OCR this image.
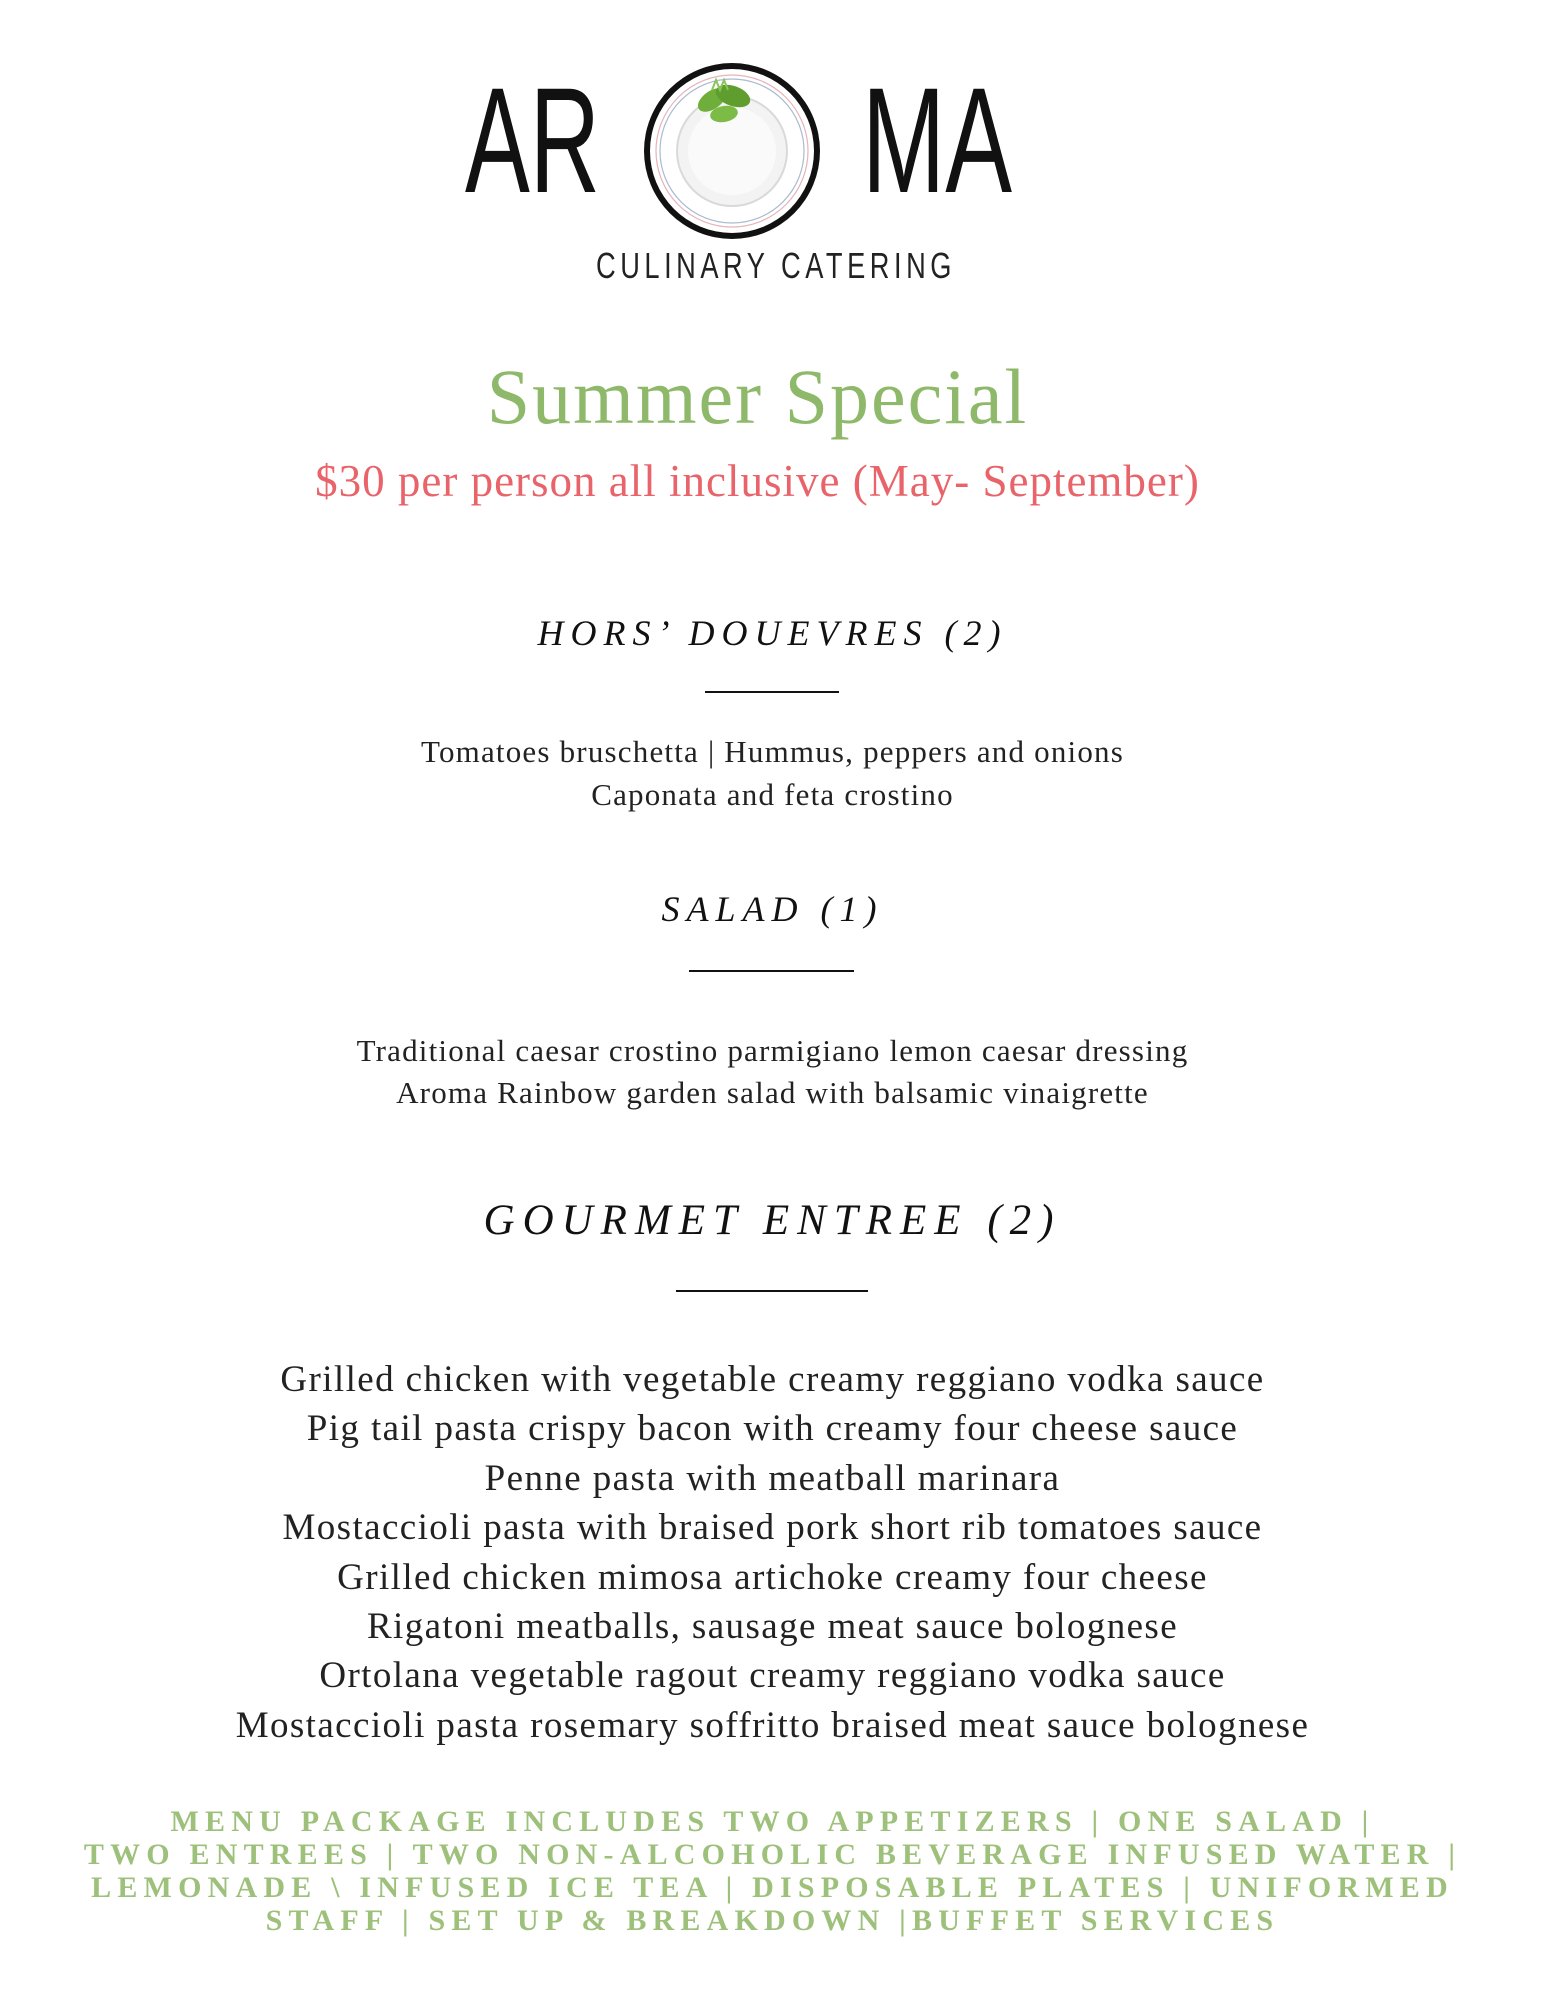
AR MA
CULINARY CATERING
Summer Special
$30 per person all inclusive (May- September)
HORS’ DOUEVRES (2)
Tomatoes bruschetta | Hummus, peppers and onions
Caponata and feta crostino
SALAD (1)
Traditional caesar crostino parmigiano lemon caesar dressing
Aroma Rainbow garden salad with balsamic vinaigrette
GOURMET ENTREE (2)
Grilled chicken with vegetable creamy reggiano vodka sauce
Pig tail pasta crispy bacon with creamy four cheese sauce
Penne pasta with meatball marinara
Mostaccioli pasta with braised pork short rib tomatoes sauce
Grilled chicken mimosa artichoke creamy four cheese
Rigatoni meatballs, sausage meat sauce bolognese
Ortolana vegetable ragout creamy reggiano vodka sauce
Mostaccioli pasta rosemary soffritto braised meat sauce bolognese
MENU PACKAGE INCLUDES TWO APPETIZERS | ONE SALAD |
TWO ENTREES | TWO NON-ALCOHOLIC BEVERAGE INFUSED WATER |
LEMONADE \ INFUSED ICE TEA | DISPOSABLE PLATES | UNIFORMED
STAFF | SET UP & BREAKDOWN |BUFFET SERVICES
